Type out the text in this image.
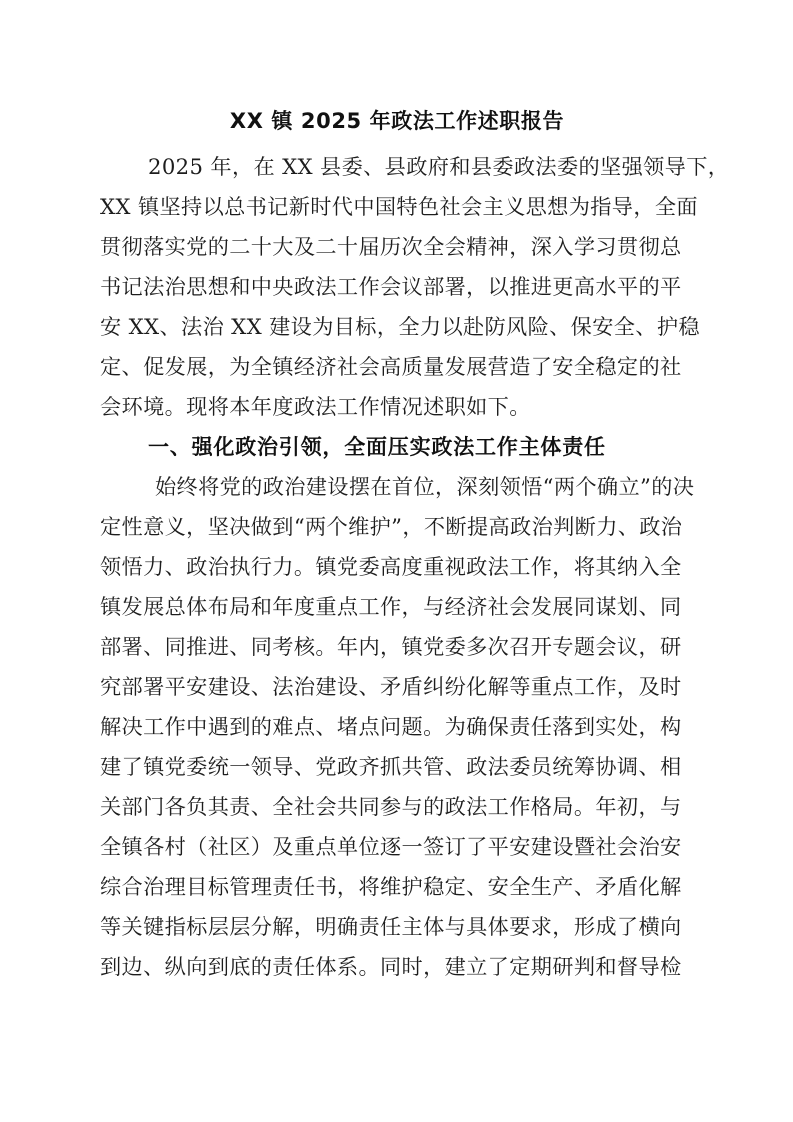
XX 镇 2025 年政法工作述职报告
2025 年，在 XX 县委、县政府和县委政法委的坚强领导下，
XX 镇坚持以总书记新时代中国特色社会主义思想为指导，全面
贯彻落实党的二十大及二十届历次全会精神，深入学习贯彻总
书记法治思想和中央政法工作会议部署，以推进更高水平的平
安 XX、法治 XX 建设为目标，全力以赴防风险、保安全、护稳
定、促发展，为全镇经济社会高质量发展营造了安全稳定的社
会环境。现将本年度政法工作情况述职如下。
一、强化政治引领，全面压实政法工作主体责任
始终将党的政治建设摆在首位，深刻领悟“两个确立”的决
定性意义，坚决做到“两个维护”，不断提高政治判断力、政治
领悟力、政治执行力。镇党委高度重视政法工作，将其纳入全
镇发展总体布局和年度重点工作，与经济社会发展同谋划、同
部署、同推进、同考核。年内，镇党委多次召开专题会议，研
究部署平安建设、法治建设、矛盾纠纷化解等重点工作，及时
解决工作中遇到的难点、堵点问题。为确保责任落到实处，构
建了镇党委统一领导、党政齐抓共管、政法委员统筹协调、相
关部门各负其责、全社会共同参与的政法工作格局。年初，与
全镇各村（社区）及重点单位逐一签订了平安建设暨社会治安
综合治理目标管理责任书，将维护稳定、安全生产、矛盾化解
等关键指标层层分解，明确责任主体与具体要求，形成了横向
到边、纵向到底的责任体系。同时，建立了定期研判和督导检
